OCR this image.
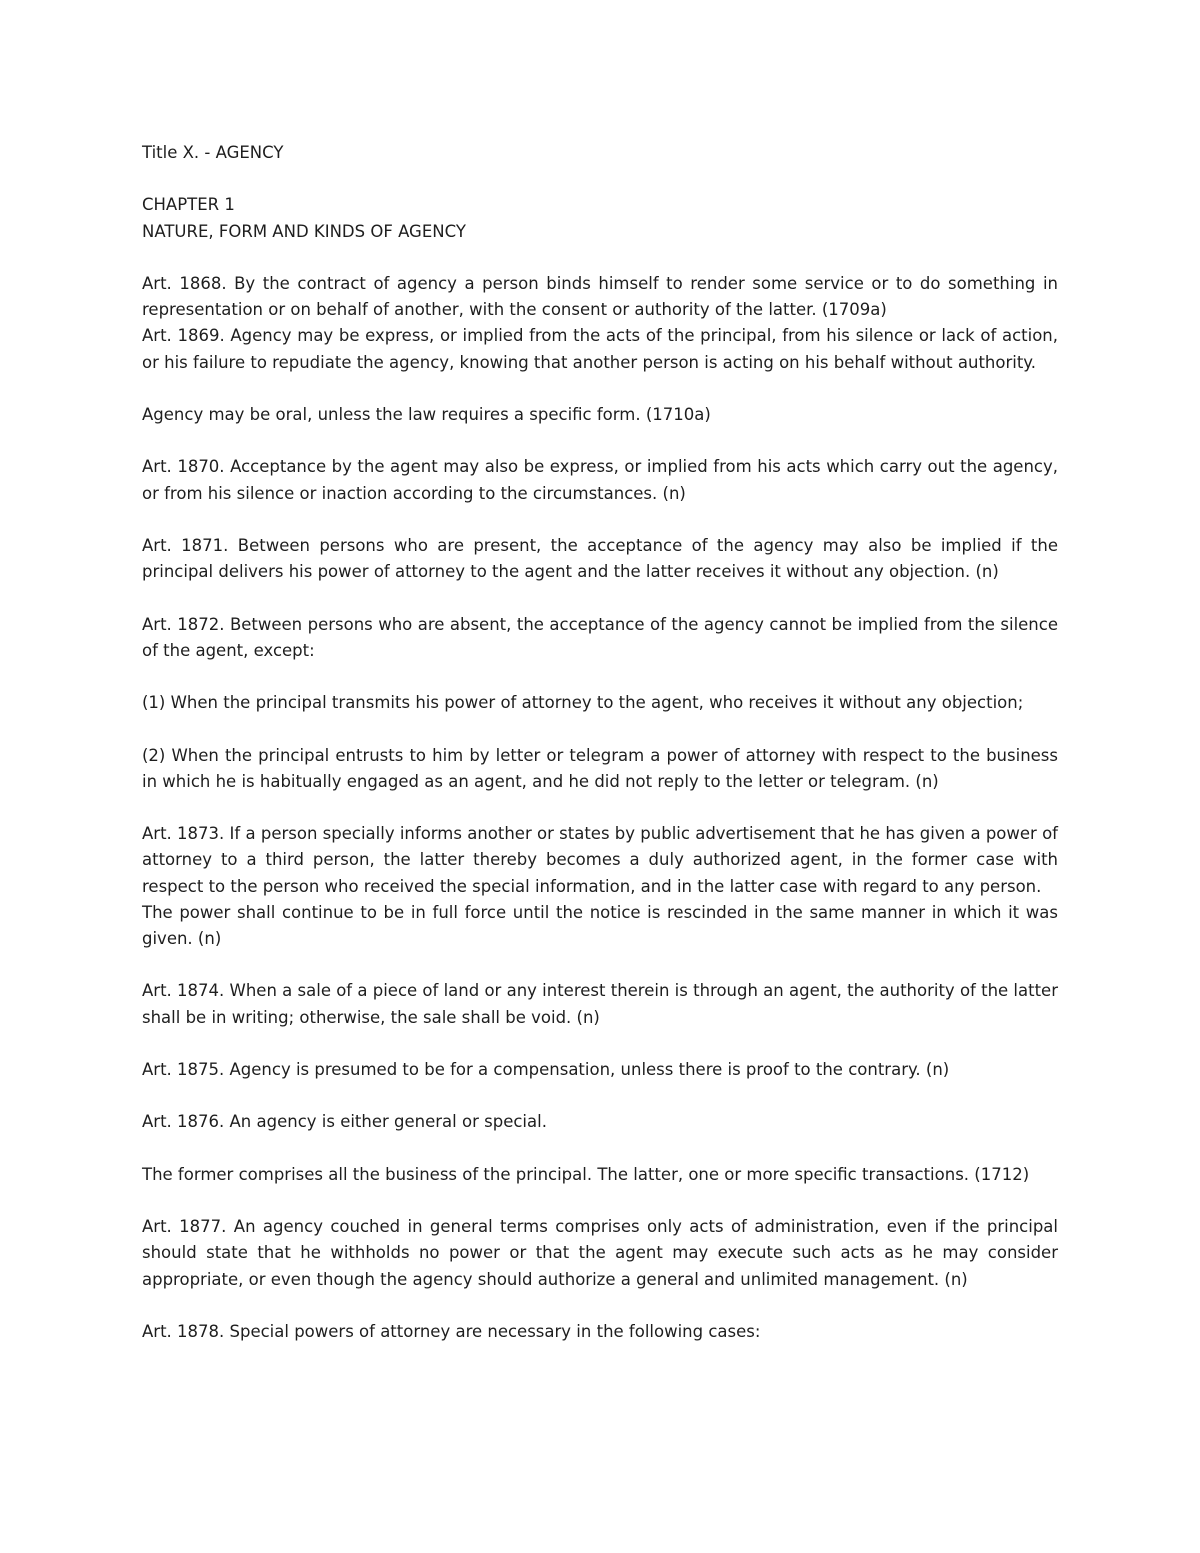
Title X. - AGENCY

CHAPTER 1

NATURE, FORM AND KINDS OF AGENCY

Art. 1868. By the contract of agency a person binds himself to render some service or to do something in representation or on behalf of another, with the consent or authority of the latter. (1709a)

Art. 1869. Agency may be express, or implied from the acts of the principal, from his silence or lack of action, or his failure to repudiate the agency, knowing that another person is acting on his behalf without authority.

Agency may be oral, unless the law requires a specific form. (1710a)

Art. 1870. Acceptance by the agent may also be express, or implied from his acts which carry out the agency, or from his silence or inaction according to the circumstances. (n)

Art. 1871. Between persons who are present, the acceptance of the agency may also be implied if the principal delivers his power of attorney to the agent and the latter receives it without any objection. (n)

Art. 1872. Between persons who are absent, the acceptance of the agency cannot be implied from the silence of the agent, except:

(1) When the principal transmits his power of attorney to the agent, who receives it without any objection;

(2) When the principal entrusts to him by letter or telegram a power of attorney with respect to the business in which he is habitually engaged as an agent, and he did not reply to the letter or telegram. (n)

Art. 1873. If a person specially informs another or states by public advertisement that he has given a power of attorney to a third person, the latter thereby becomes a duly authorized agent, in the former case with respect to the person who received the special information, and in the latter case with regard to any person.

The power shall continue to be in full force until the notice is rescinded in the same manner in which it was given. (n)

Art. 1874. When a sale of a piece of land or any interest therein is through an agent, the authority of the latter shall be in writing; otherwise, the sale shall be void. (n)

Art. 1875. Agency is presumed to be for a compensation, unless there is proof to the contrary. (n)

Art. 1876. An agency is either general or special.

The former comprises all the business of the principal. The latter, one or more specific transactions. (1712)

Art. 1877. An agency couched in general terms comprises only acts of administration, even if the principal should state that he withholds no power or that the agent may execute such acts as he may consider appropriate, or even though the agency should authorize a general and unlimited management. (n)

Art. 1878. Special powers of attorney are necessary in the following cases:
